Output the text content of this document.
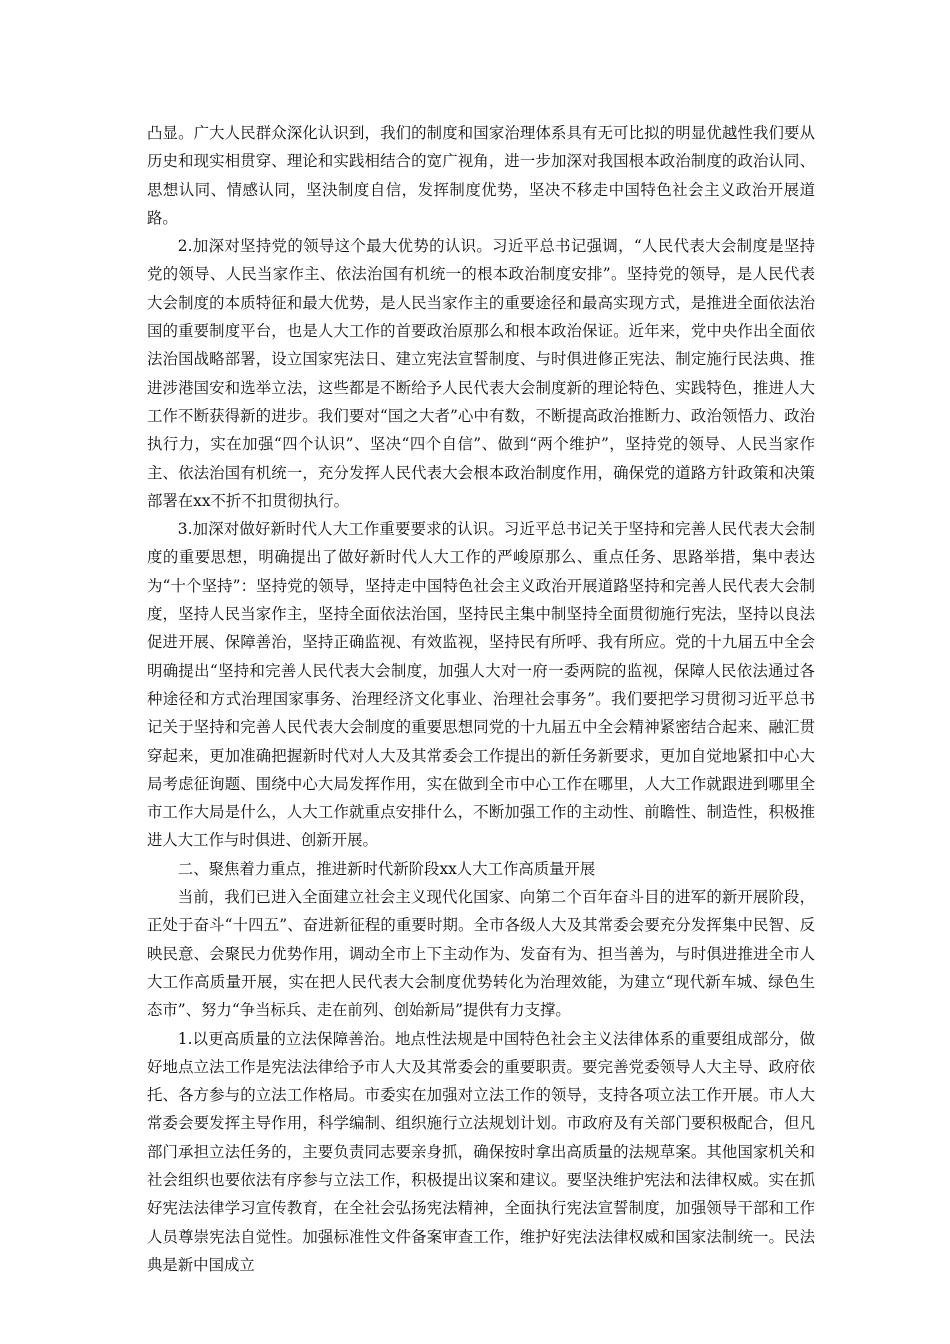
凸显。广大人民群众深化认识到，我们的制度和国家治理体系具有无可比拟的明显优越性我们要从历史和现实相贯穿、理论和实践相结合的宽广视角，进一步加深对我国根本政治制度的政治认同、思想认同、情感认同，坚決制度自信，发挥制度优势，坚决不移走中国特色社会主义政治开展道路。

2.加深对坚持党的领导这个最大优势的认识。习近平总书记强调，“人民代表大会制度是坚持党的领导、人民当家作主、依法治国有机统一的根本政治制度安排”。坚持党的领导，是人民代表大会制度的本质特征和最大优势，是人民当家作主的重要途径和最高实现方式，是推进全面依法治国的重要制度平台，也是人大工作的首要政治原那么和根本政治保证。近年来，党中央作出全面依法治国战略部署，设立国家宪法日、建立宪法宣誓制度、与时俱进修正宪法、制定施行民法典、推进涉港国安和选举立法，这些都是不断给予人民代表大会制度新的理论特色、实践特色，推进人大工作不断获得新的进步。我们要对“国之大者”心中有数，不断提高政治推断力、政治领悟力、政治执行力，实在加强“四个认识”、坚决“四个自信”、做到“两个维护”，坚持党的领导、人民当家作主、依法治国有机统一，充分发挥人民代表大会根本政治制度作用，确保党的道路方针政策和决策部署在xx不折不扣贯彻执行。

3.加深对做好新时代人大工作重要要求的认识。习近平总书记关于坚持和完善人民代表大会制度的重要思想，明确提出了做好新时代人大工作的严峻原那么、重点任务、思路举措，集中表达为“十个坚持”：坚持党的领导，坚持走中国特色社会主义政治开展道路坚持和完善人民代表大会制度，坚持人民当家作主，坚持全面依法治国，坚持民主集中制坚持全面贯彻施行宪法，坚持以良法促进开展、保障善治，坚持正确监视、有效监视，坚持民有所呼、我有所应。党的十九届五中全会明确提出“坚持和完善人民代表大会制度，加强人大对一府一委两院的监视，保障人民依法通过各种途径和方式治理国家事务、治理经济文化事业、治理社会事务”。我们要把学习贯彻习近平总书记关于坚持和完善人民代表大会制度的重要思想同党的十九届五中全会精神紧密结合起来、融汇贯穿起来，更加准确把握新时代对人大及其常委会工作提出的新任务新要求，更加自觉地紧扣中心大局考虑征询题、围绕中心大局发挥作用，实在做到全市中心工作在哪里，人大工作就跟进到哪里全市工作大局是什么，人大工作就重点安排什么，不断加强工作的主动性、前瞻性、制造性，积极推进人大工作与时俱进、创新开展。

二、聚焦着力重点，推进新时代新阶段xx人大工作高质量开展

当前，我们已进入全面建立社会主义现代化国家、向第二个百年奋斗目的进军的新开展阶段，正处于奋斗“十四五”、奋进新征程的重要时期。全市各级人大及其常委会要充分发挥集中民智、反映民意、会聚民力优势作用，调动全市上下主动作为、发奋有为、担当善为，与时俱进推进全市人大工作高质量开展，实在把人民代表大会制度优势转化为治理效能，为建立“现代新车城、绿色生态市”、努力“争当标兵、走在前列、创始新局”提供有力支撑。

1.以更高质量的立法保障善治。地点性法规是中国特色社会主义法律体系的重要组成部分，做好地点立法工作是宪法法律给予市人大及其常委会的重要职责。要完善党委领导人大主导、政府依托、各方参与的立法工作格局。市委实在加强对立法工作的领导，支持各项立法工作开展。市人大常委会要发挥主导作用，科学编制、组织施行立法规划计划。市政府及有关部门要积极配合，但凡部门承担立法任务的，主要负责同志要亲身抓，确保按时拿出高质量的法规草案。其他国家机关和社会组织也要依法有序参与立法工作，积极提出议案和建议。要坚決维护宪法和法律权威。实在抓好宪法法律学习宣传教育，在全社会弘扬宪法精神，全面执行宪法宣誓制度，加强领导干部和工作人员尊崇宪法自觉性。加强标准性文件备案审查工作，维护好宪法法律权威和国家法制统一。民法典是新中国成立
